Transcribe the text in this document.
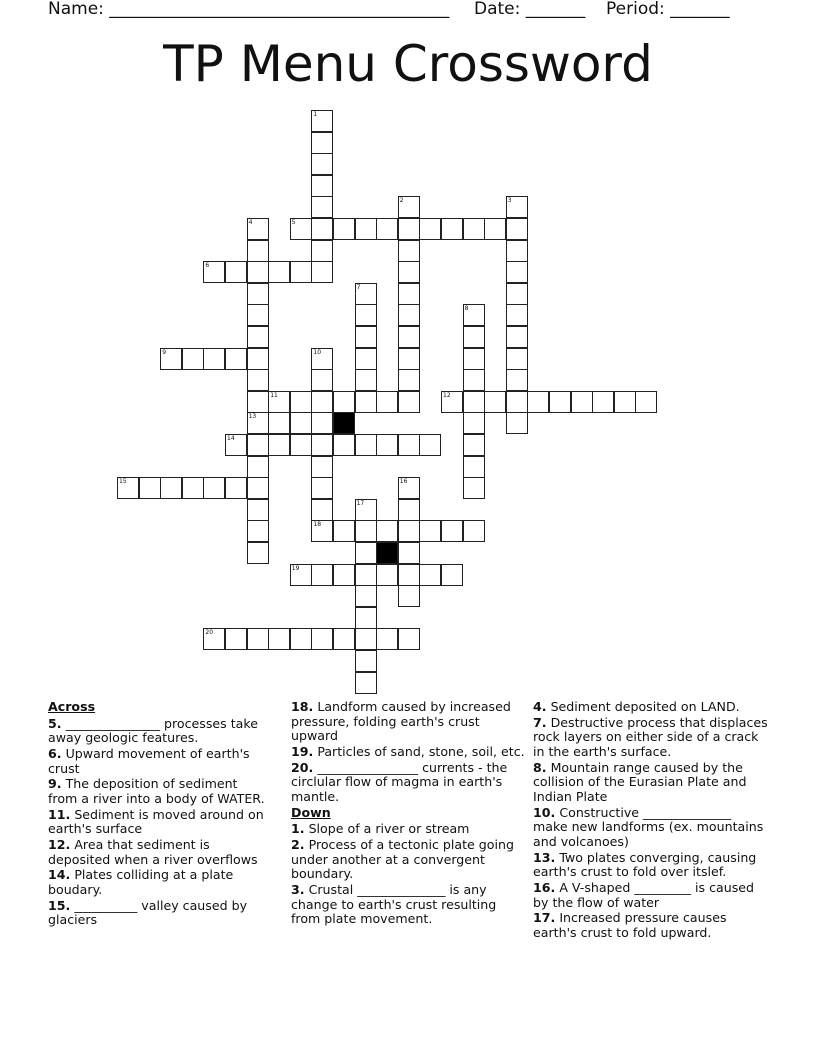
Name: ________________________________________ Date: _______ Period: _______
TP Menu Crossword
1
2	3
4
13
5
6
7
8
9	10
11	12
14
15	16
17
18
19
20

Across

5. _______________ processes take away geologic features.

6. Upward movement of earth's crust

9. The deposition of sediment from a river into a body of WATER.

11. Sediment is moved around on earth's surface

12. Area that sediment is deposited when a river overflows

14. Plates colliding at a plate boudary.

15. __________ valley caused by glaciers

18. Landform caused by increased pressure, folding earth's crust upward

19. Particles of sand, stone, soil, etc.

20. ________________ currents - the circlular flow of magma in earth's mantle.

Down

1. Slope of a river or stream

2. Process of a tectonic plate going under another at a convergent boundary.

3. Crustal ______________ is any change to earth's crust resulting from plate movement.

4. Sediment deposited on LAND.

7. Destructive process that displaces rock layers on either side of a crack in the earth's surface.

8. Mountain range caused by the collision of the Eurasian Plate and Indian Plate

10. Constructive ______________ make new landforms (ex. mountains and volcanoes)

13. Two plates converging, causing earth's crust to fold over itslef.

16. A V-shaped _________ is caused by the flow of water

17. Increased pressure causes earth's crust to fold upward.
